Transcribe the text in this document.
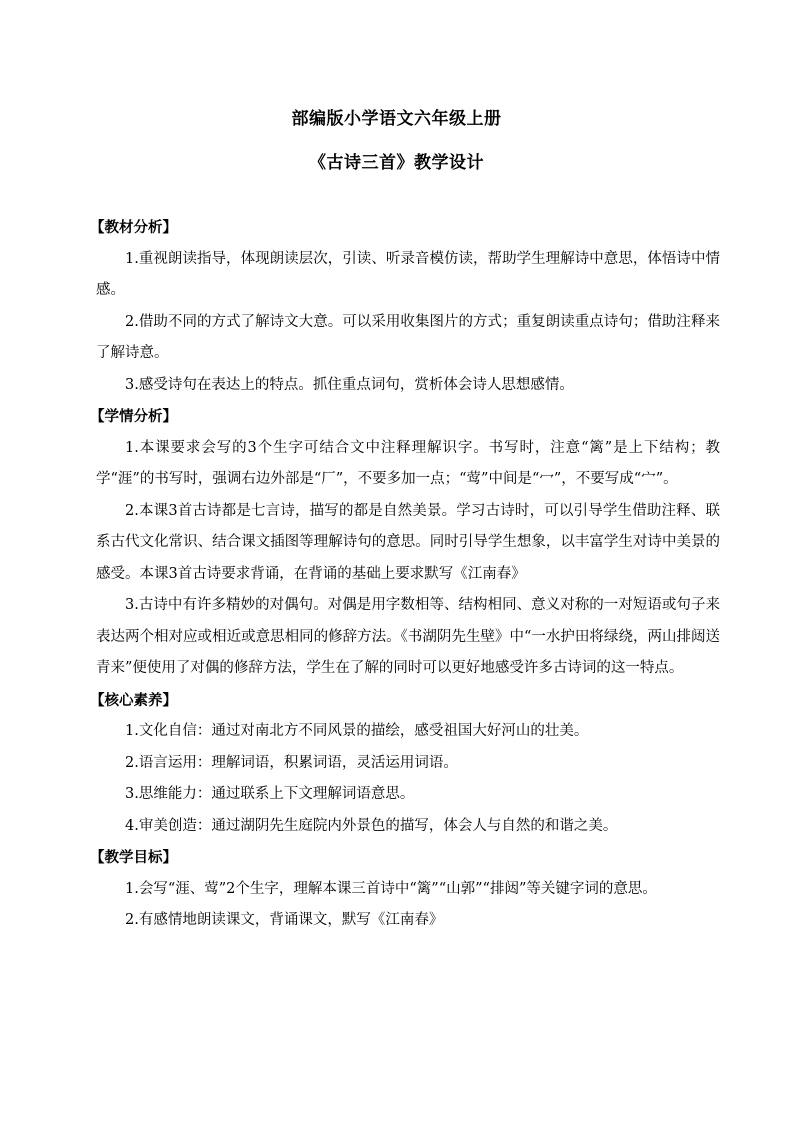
部编版小学语文六年级上册
《古诗三首》教学设计
【教材分析】

1.重视朗读指导，体现朗读层次，引读、听录音模仿读，帮助学生理解诗中意思，体悟诗中情感。

2.借助不同的方式了解诗文大意。可以采用收集图片的方式；重复朗读重点诗句；借助注释来了解诗意。

3.感受诗句在表达上的特点。抓住重点词句，赏析体会诗人思想感情。

【学情分析】

1.本课要求会写的3个生字可结合文中注释理解识字。书写时，注意“篱”是上下结构；教学“涯”的书写时，强调右边外部是“厂”，不要多加一点；“莺”中间是“冖”，不要写成“宀”。

2.本课3首古诗都是七言诗，描写的都是自然美景。学习古诗时，可以引导学生借助注释、联系古代文化常识、结合课文插图等理解诗句的意思。同时引导学生想象，以丰富学生对诗中美景的感受。本课3首古诗要求背诵，在背诵的基础上要求默写《江南春》

3.古诗中有许多精妙的对偶句。对偶是用字数相等、结构相同、意义对称的一对短语或句子来表达两个相对应或相近或意思相同的修辞方法。《书湖阴先生壁》中“一水护田将绿绕，两山排闼送青来”便使用了对偶的修辞方法，学生在了解的同时可以更好地感受许多古诗词的这一特点。

【核心素养】

1.文化自信：通过对南北方不同风景的描绘，感受祖国大好河山的壮美。

2.语言运用：理解词语，积累词语，灵活运用词语。

3.思维能力：通过联系上下文理解词语意思。

4.审美创造：通过湖阴先生庭院内外景色的描写，体会人与自然的和谐之美。

【教学目标】

1.会写“涯、莺”2个生字，理解本课三首诗中“篱”“山郭”“排闼”等关键字词的意思。

2.有感情地朗读课文，背诵课文，默写《江南春》
